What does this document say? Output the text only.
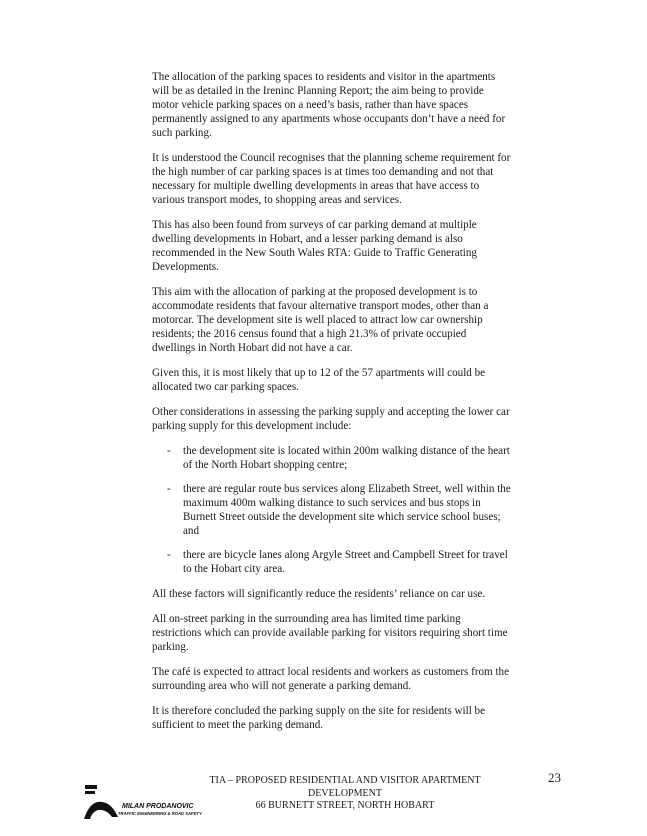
The allocation of the parking spaces to residents and visitor in the apartments will be as detailed in the Ireninc Planning Report; the aim being to provide motor vehicle parking spaces on a need’s basis, rather than have spaces permanently assigned to any apartments whose occupants don’t have a need for such parking.

It is understood the Council recognises that the planning scheme requirement for the high number of car parking spaces is at times too demanding and not that necessary for multiple dwelling developments in areas that have access to various transport modes, to shopping areas and services.

This has also been found from surveys of car parking demand at multiple dwelling developments in Hobart, and a lesser parking demand is also recommended in the New South Wales RTA: Guide to Traffic Generating Developments.

This aim with the allocation of parking at the proposed development is to accommodate residents that favour alternative transport modes, other than a motorcar. The development site is well placed to attract low car ownership residents; the 2016 census found that a high 21.3% of private occupied dwellings in North Hobart did not have a car.

Given this, it is most likely that up to 12 of the 57 apartments will could be allocated two car parking spaces.

Other considerations in assessing the parking supply and accepting the lower car parking supply for this development include:

- the development site is located within 200m walking distance of the heart of the North Hobart shopping centre;
- there are regular route bus services along Elizabeth Street, well within the maximum 400m walking distance to such services and bus stops in Burnett Street outside the development site which service school buses; and
- there are bicycle lanes along Argyle Street and Campbell Street for travel to the Hobart city area.

All these factors will significantly reduce the residents’ reliance on car use.

All on-street parking in the surrounding area has limited time parking restrictions which can provide available parking for visitors requiring short time parking.

The café is expected to attract local residents and workers as customers from the surrounding area who will not generate a parking demand.

It is therefore concluded the parking supply on the site for residents will be sufficient to meet the parking demand.

MILAN PRODANOVIC
TRAFFIC ENGINEERING & ROAD SAFETY
TIA – PROPOSED RESIDENTIAL AND VISITOR APARTMENT
DEVELOPMENT
66 BURNETT STREET, NORTH HOBART
23
